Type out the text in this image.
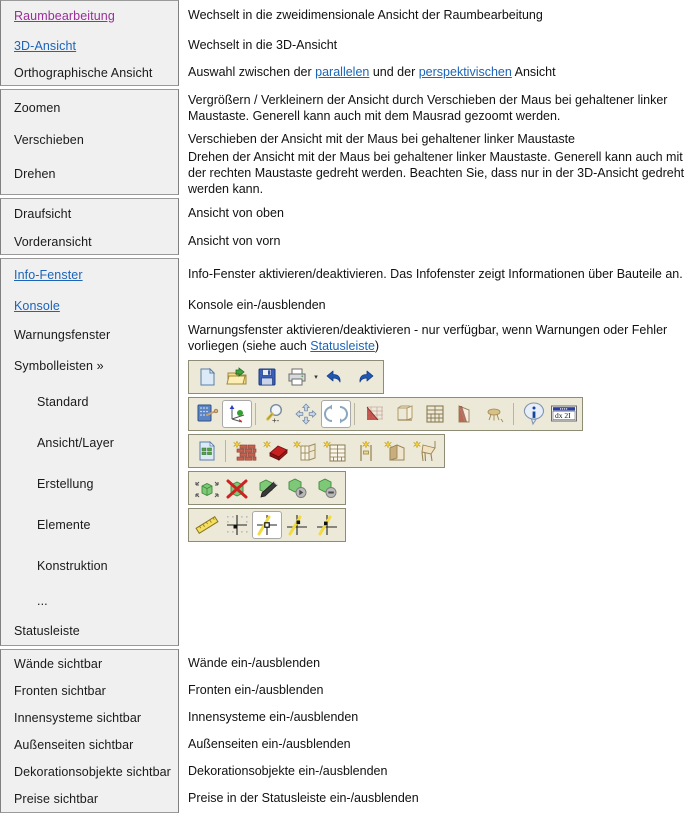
Raumbearbeitung
3D-Ansicht
Orthographische Ansicht
Wechselt in die zweidimensionale Ansicht der Raumbearbeitung
Wechselt in die 3D-Ansicht
Auswahl zwischen der parallelen und der perspektivischen Ansicht
Zoomen
Verschieben
Drehen
Vergrößern / Verkleinern der Ansicht durch Verschieben der Maus bei gehaltener linker Maustaste. Generell kann auch mit dem Mausrad gezoomt werden.
Verschieben der Ansicht mit der Maus bei gehaltener linker Maustaste
Drehen der Ansicht mit der Maus bei gehaltener linker Maustaste. Generell kann auch mit der rechten Maustaste gedreht werden. Beachten Sie, dass nur in der 3D-Ansicht gedreht werden kann.
Draufsicht
Vorderansicht
Ansicht von oben
Ansicht von vorn
Info-Fenster
Konsole
Warnungsfenster
Symbolleisten »
Standard
Ansicht/Layer
Erstellung
Elemente
Konstruktion
...
Statusleiste
Info-Fenster aktivieren/deaktivieren. Das Infofenster zeigt Informationen über Bauteile an.
Konsole ein-/ausblenden
Warnungsfenster aktivieren/deaktivieren - nur verfügbar, wenn Warnungen oder Fehler vorliegen (siehe auch Statusleiste)
▾

+-
dx 2I

Wände sichtbar
Fronten sichtbar
Innensysteme sichtbar
Außenseiten sichtbar
Dekorationsobjekte sichtbar
Preise sichtbar
Wände ein-/ausblenden
Fronten ein-/ausblenden
Innensysteme ein-/ausblenden
Außenseiten ein-/ausblenden
Dekorationsobjekte ein-/ausblenden
Preise in der Statusleiste ein-/ausblenden
